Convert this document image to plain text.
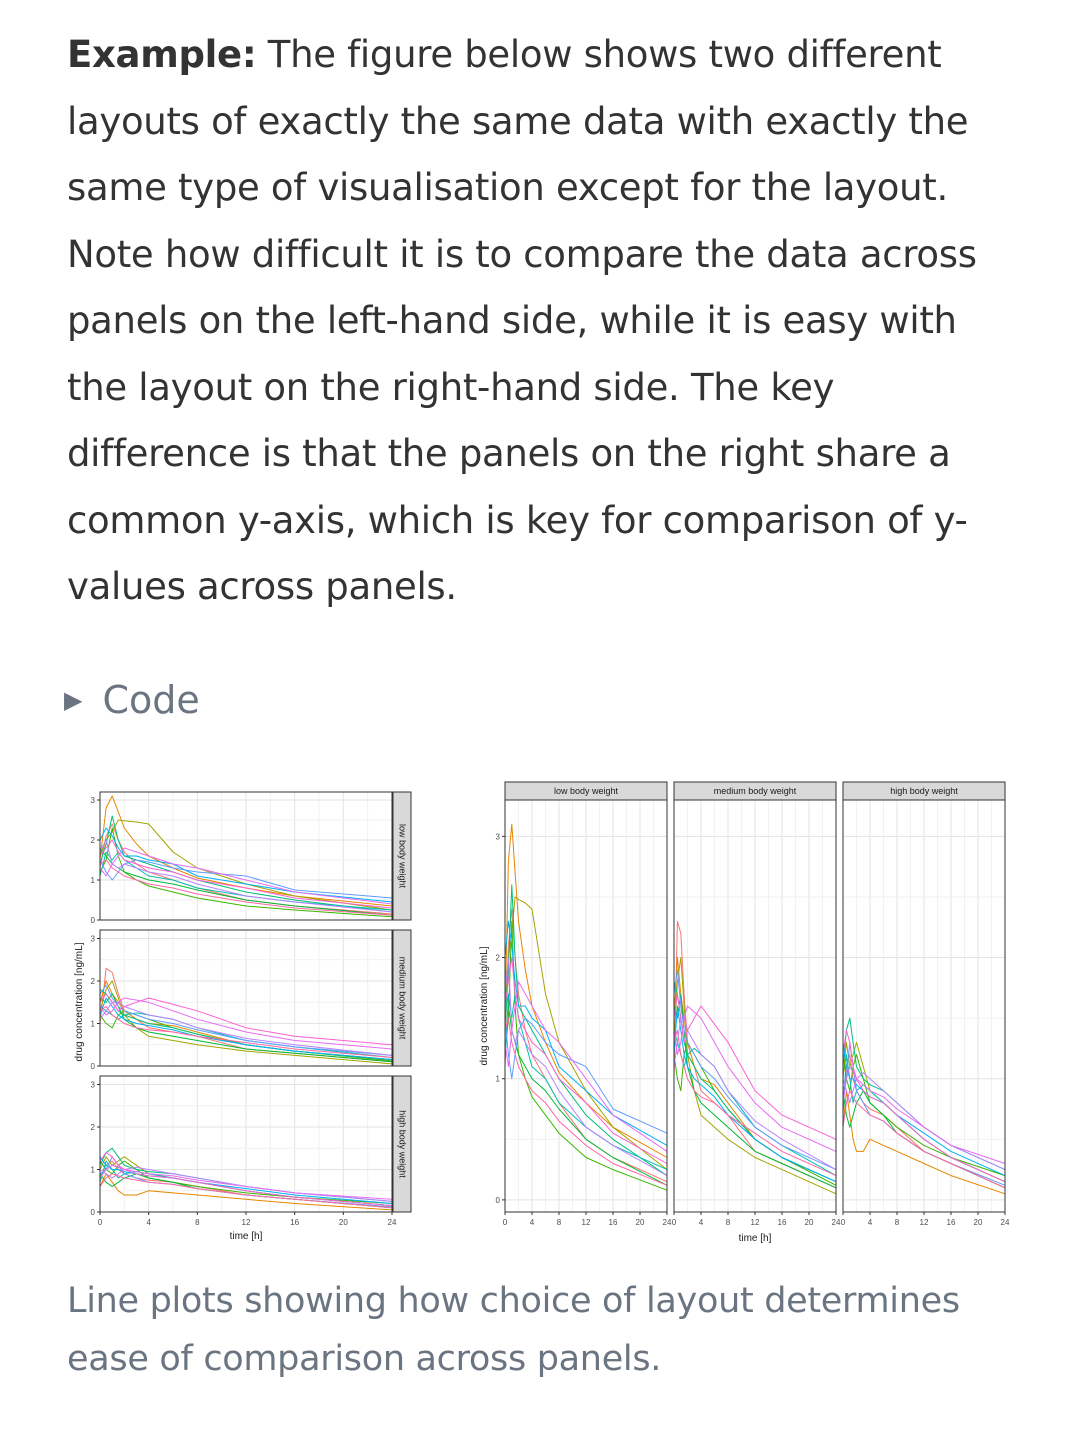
Example: The figure below shows two different layouts of exactly the same data with exactly the same type of visualisation except for the layout. Note how difficult it is to compare the data across panels on the left-hand side, while it is easy with the layout on the right-hand side. The key difference is that the panels on the right share a common y-axis, which is key for comparison of y-values across panels.

▶ Code
0
1
2
3
low body weight
0
1
2
3
medium body weight
0
1
2
3
0	4	8	12	16	20	24
high body weight
time [h]
drug concentration [ng/mL]
0
1
2
3
0	4	8	12 16 20 24
low body weight
0	4	8	12 16 20 24
medium body weight
0	4	8	12 16 20 24
high body weight
time [h]
drug concentration [ng/mL]

Line plots showing how choice of layout determines ease of comparison across panels.
